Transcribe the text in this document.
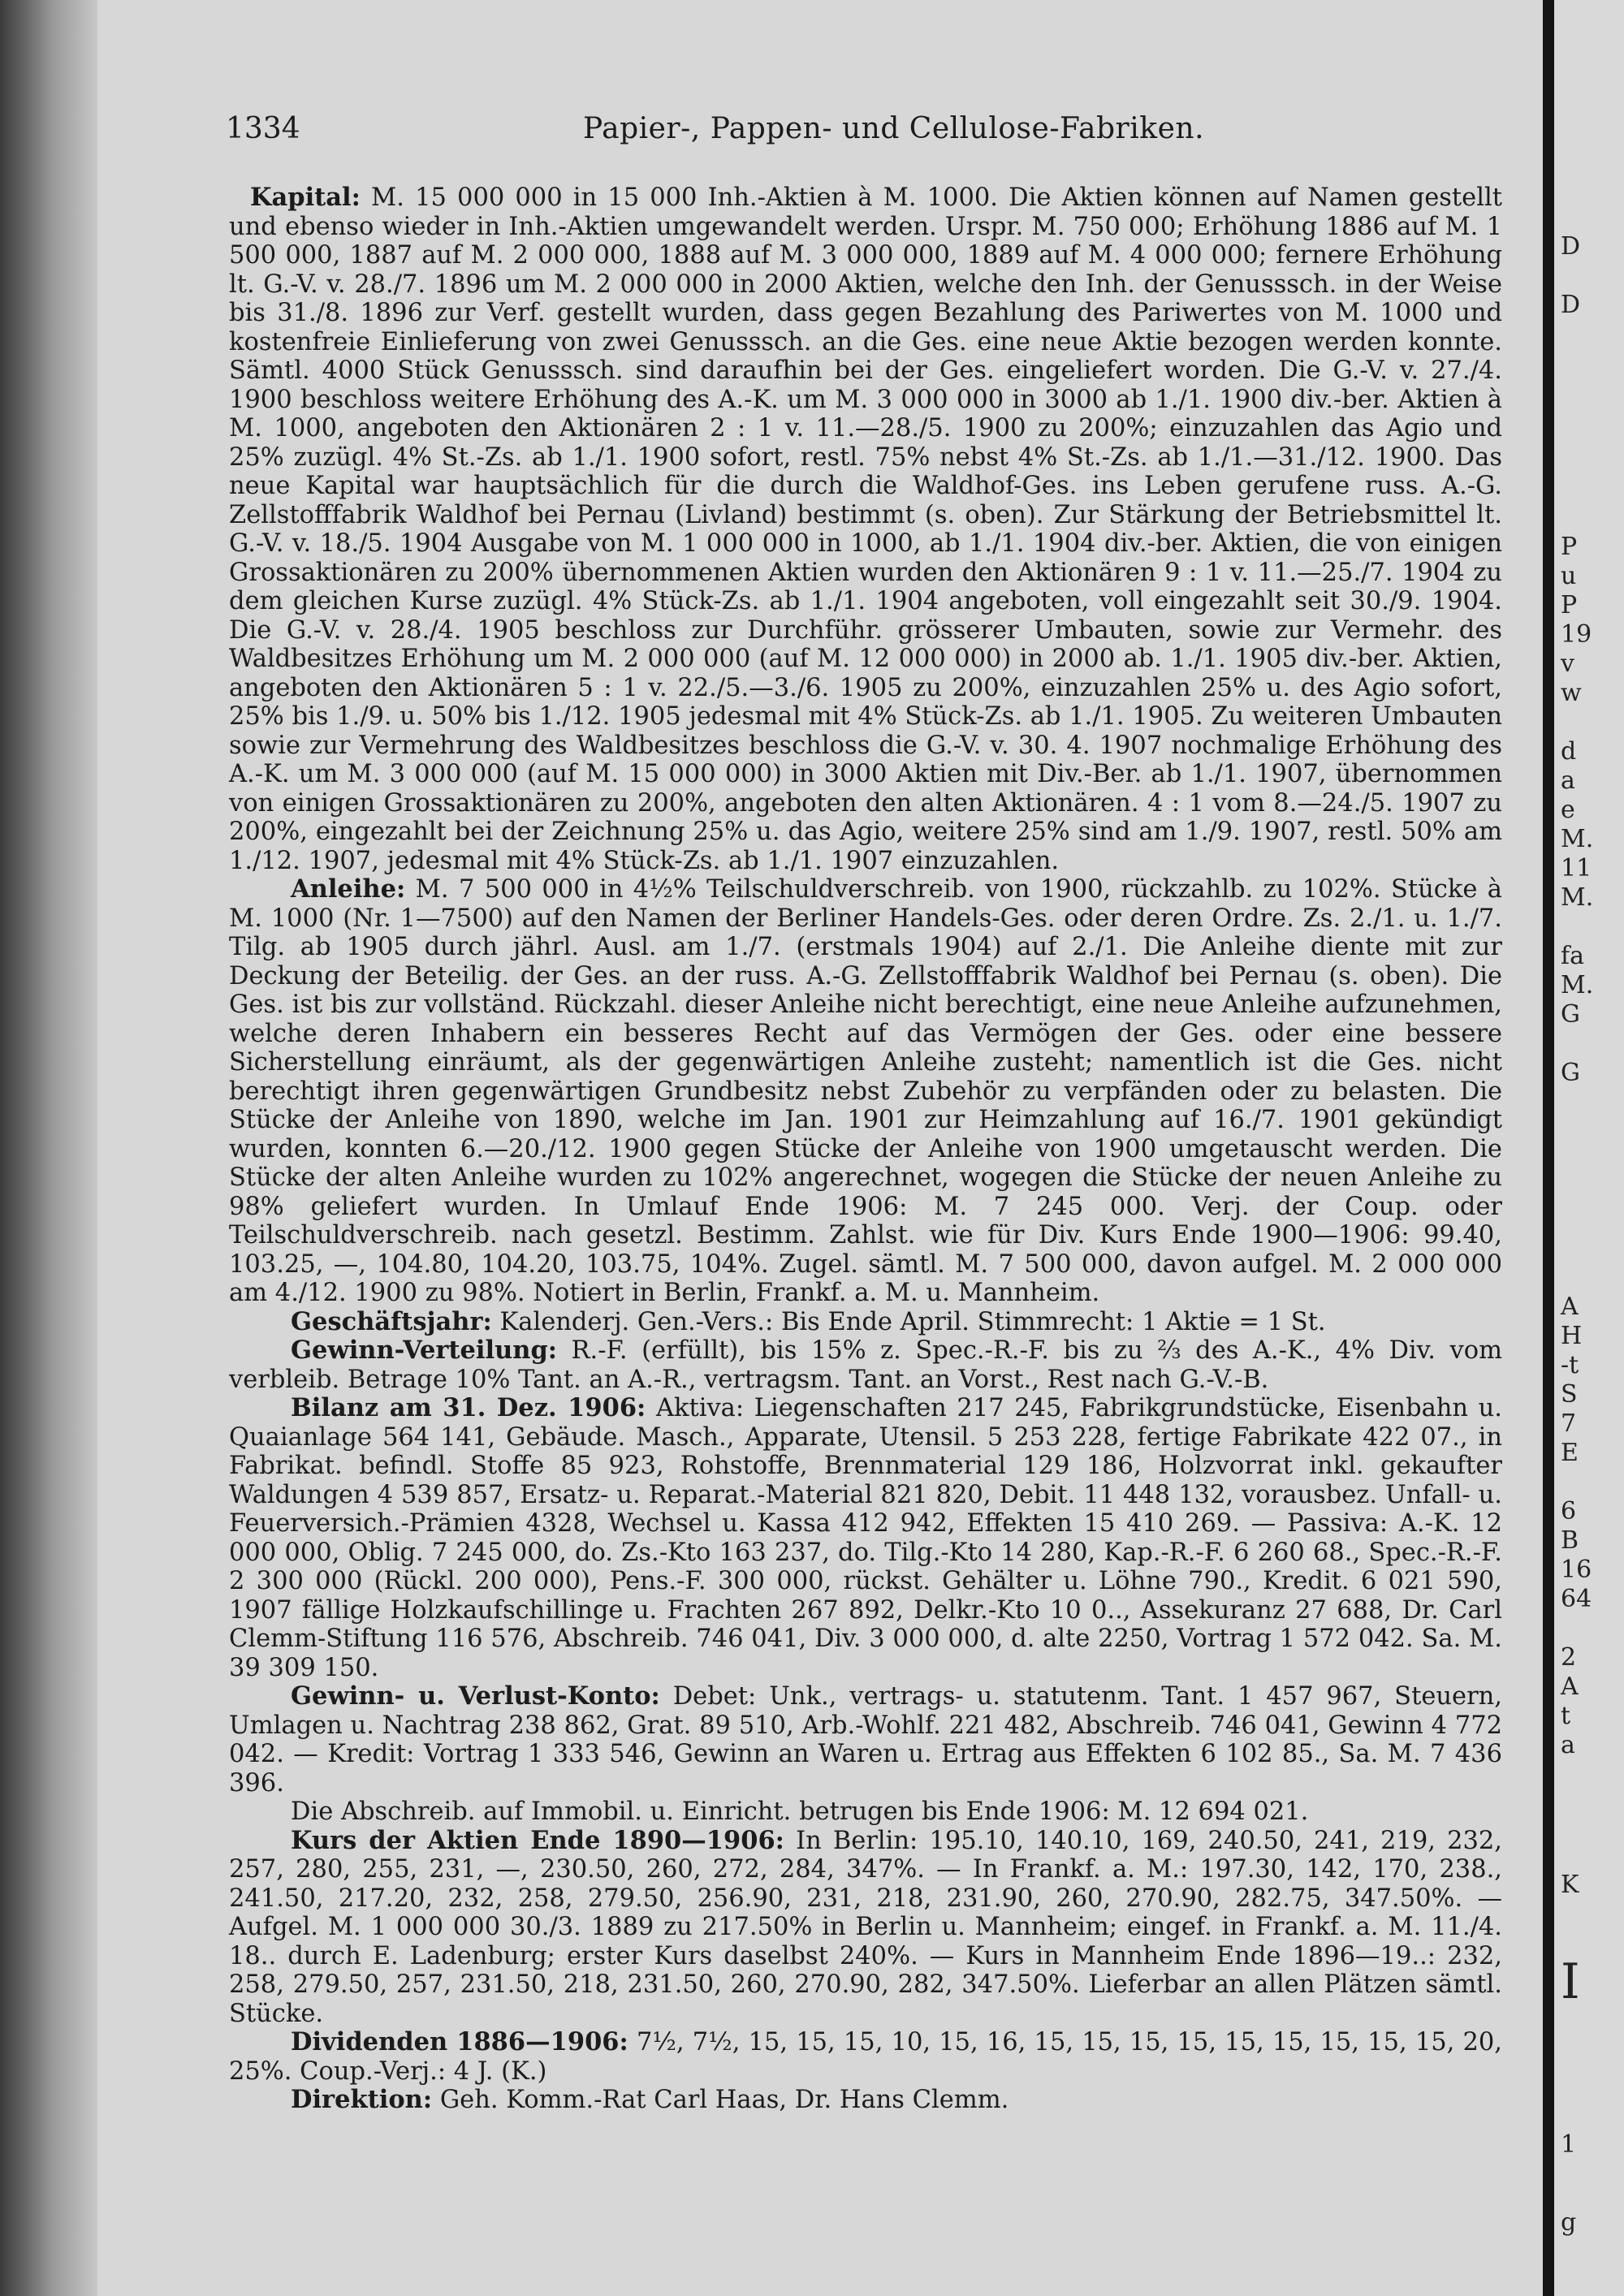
D
D
P
u
P
19
v
w
d
a
e
M.
11
M.
fa
M.
G
G
A
H
-t
S
7
E
6
B
16
64
2
A
t
a
K
I
1
g
1334	Papier-, Pappen- und Cellulose-Fabriken.

Kapital: M. 15 000 000 in 15 000 Inh.-Aktien à M. 1000. Die Aktien können auf Namen gestellt und ebenso wieder in Inh.-Aktien umgewandelt werden. Urspr. M. 750 000; Erhöhung 1886 auf M. 1 500 000, 1887 auf M. 2 000 000, 1888 auf M. 3 000 000, 1889 auf M. 4 000 000; fernere Erhöhung lt. G.-V. v. 28./7. 1896 um M. 2 000 000 in 2000 Aktien, welche den Inh. der Genusssch. in der Weise bis 31./8. 1896 zur Verf. gestellt wurden, dass gegen Bezahlung des Pariwertes von M. 1000 und kostenfreie Einlieferung von zwei Genusssch. an die Ges. eine neue Aktie bezogen werden konnte. Sämtl. 4000 Stück Genusssch. sind daraufhin bei der Ges. eingeliefert worden. Die G.-V. v. 27./4. 1900 beschloss weitere Erhöhung des A.-K. um M. 3 000 000 in 3000 ab 1./1. 1900 div.-ber. Aktien à M. 1000, angeboten den Aktionären 2 : 1 v. 11.—28./5. 1900 zu 200%; einzuzahlen das Agio und 25% zuzügl. 4% St.-Zs. ab 1./1. 1900 sofort, restl. 75% nebst 4% St.-Zs. ab 1./1.—31./12. 1900. Das neue Kapital war hauptsächlich für die durch die Waldhof-Ges. ins Leben gerufene russ. A.-G. Zellstofffabrik Waldhof bei Pernau (Livland) bestimmt (s. oben). Zur Stärkung der Betriebsmittel lt. G.-V. v. 18./5. 1904 Ausgabe von M. 1 000 000 in 1000, ab 1./1. 1904 div.-ber. Aktien, die von einigen Grossaktionären zu 200% übernommenen Aktien wurden den Aktionären 9 : 1 v. 11.—25./7. 1904 zu dem gleichen Kurse zuzügl. 4% Stück-Zs. ab 1./1. 1904 angeboten, voll eingezahlt seit 30./9. 1904. Die G.-V. v. 28./4. 1905 beschloss zur Durchführ. grösserer Umbauten, sowie zur Vermehr. des Waldbesitzes Erhöhung um M. 2 000 000 (auf M. 12 000 000) in 2000 ab. 1./1. 1905 div.-ber. Aktien, angeboten den Aktionären 5 : 1 v. 22./5.—3./6. 1905 zu 200%, einzuzahlen 25% u. des Agio sofort, 25% bis 1./9. u. 50% bis 1./12. 1905 jedesmal mit 4% Stück-Zs. ab 1./1. 1905. Zu weiteren Umbauten sowie zur Vermehrung des Waldbesitzes beschloss die G.-V. v. 30. 4. 1907 nochmalige Erhöhung des A.-K. um M. 3 000 000 (auf M. 15 000 000) in 3000 Aktien mit Div.-Ber. ab 1./1. 1907, übernommen von einigen Grossaktionären zu 200%, angeboten den alten Aktionären. 4 : 1 vom 8.—24./5. 1907 zu 200%, eingezahlt bei der Zeichnung 25% u. das Agio, weitere 25% sind am 1./9. 1907, restl. 50% am 1./12. 1907, jedesmal mit 4% Stück-Zs. ab 1./1. 1907 einzuzahlen.

Anleihe: M. 7 500 000 in 4½% Teilschuldverschreib. von 1900, rückzahlb. zu 102%. Stücke à M. 1000 (Nr. 1—7500) auf den Namen der Berliner Handels-Ges. oder deren Ordre. Zs. 2./1. u. 1./7. Tilg. ab 1905 durch jährl. Ausl. am 1./7. (erstmals 1904) auf 2./1. Die Anleihe diente mit zur Deckung der Beteilig. der Ges. an der russ. A.-G. Zellstofffabrik Waldhof bei Pernau (s. oben). Die Ges. ist bis zur vollständ. Rückzahl. dieser Anleihe nicht berechtigt, eine neue Anleihe aufzunehmen, welche deren Inhabern ein besseres Recht auf das Vermögen der Ges. oder eine bessere Sicherstellung einräumt, als der gegenwärtigen Anleihe zusteht; namentlich ist die Ges. nicht berechtigt ihren gegenwärtigen Grundbesitz nebst Zubehör zu verpfänden oder zu belasten. Die Stücke der Anleihe von 1890, welche im Jan. 1901 zur Heimzahlung auf 16./7. 1901 gekündigt wurden, konnten 6.—20./12. 1900 gegen Stücke der Anleihe von 1900 umgetauscht werden. Die Stücke der alten Anleihe wurden zu 102% angerechnet, wogegen die Stücke der neuen Anleihe zu 98% geliefert wurden. In Umlauf Ende 1906: M. 7 245 000. Verj. der Coup. oder Teilschuldverschreib. nach gesetzl. Bestimm. Zahlst. wie für Div. Kurs Ende 1900—1906: 99.40, 103.25, —, 104.80, 104.20, 103.75, 104%. Zugel. sämtl. M. 7 500 000, davon aufgel. M. 2 000 000 am 4./12. 1900 zu 98%. Notiert in Berlin, Frankf. a. M. u. Mannheim.

Geschäftsjahr: Kalenderj. Gen.-Vers.: Bis Ende April. Stimmrecht: 1 Aktie = 1 St.

Gewinn-Verteilung: R.-F. (erfüllt), bis 15% z. Spec.-R.-F. bis zu ⅔ des A.-K., 4% Div. vom verbleib. Betrage 10% Tant. an A.-R., vertragsm. Tant. an Vorst., Rest nach G.-V.-B.

Bilanz am 31. Dez. 1906: Aktiva: Liegenschaften 217 245, Fabrikgrundstücke, Eisenbahn u. Quaianlage 564 141, Gebäude. Masch., Apparate, Utensil. 5 253 228, fertige Fabrikate 422 07., in Fabrikat. befindl. Stoffe 85 923, Rohstoffe, Brennmaterial 129 186, Holzvorrat inkl. gekaufter Waldungen 4 539 857, Ersatz- u. Reparat.-Material 821 820, Debit. 11 448 132, vorausbez. Unfall- u. Feuerversich.-Prämien 4328, Wechsel u. Kassa 412 942, Effekten 15 410 269. — Passiva: A.-K. 12 000 000, Oblig. 7 245 000, do. Zs.-Kto 163 237, do. Tilg.-Kto 14 280, Kap.-R.-F. 6 260 68., Spec.-R.-F. 2 300 000 (Rückl. 200 000), Pens.-F. 300 000, rückst. Gehälter u. Löhne 790., Kredit. 6 021 590, 1907 fällige Holzkaufschillinge u. Frachten 267 892, Delkr.-Kto 10 0.., Assekuranz 27 688, Dr. Carl Clemm-Stiftung 116 576, Abschreib. 746 041, Div. 3 000 000, d. alte 2250, Vortrag 1 572 042. Sa. M. 39 309 150.

Gewinn- u. Verlust-Konto: Debet: Unk., vertrags- u. statutenm. Tant. 1 457 967, Steuern, Umlagen u. Nachtrag 238 862, Grat. 89 510, Arb.-Wohlf. 221 482, Abschreib. 746 041, Gewinn 4 772 042. — Kredit: Vortrag 1 333 546, Gewinn an Waren u. Ertrag aus Effekten 6 102 85., Sa. M. 7 436 396.

Die Abschreib. auf Immobil. u. Einricht. betrugen bis Ende 1906: M. 12 694 021.

Kurs der Aktien Ende 1890—1906: In Berlin: 195.10, 140.10, 169, 240.50, 241, 219, 232, 257, 280, 255, 231, —, 230.50, 260, 272, 284, 347%. — In Frankf. a. M.: 197.30, 142, 170, 238., 241.50, 217.20, 232, 258, 279.50, 256.90, 231, 218, 231.90, 260, 270.90, 282.75, 347.50%. — Aufgel. M. 1 000 000 30./3. 1889 zu 217.50% in Berlin u. Mannheim; eingef. in Frankf. a. M. 11./4. 18.. durch E. Ladenburg; erster Kurs daselbst 240%. — Kurs in Mannheim Ende 1896—19..: 232, 258, 279.50, 257, 231.50, 218, 231.50, 260, 270.90, 282, 347.50%. Lieferbar an allen Plätzen sämtl. Stücke.

Dividenden 1886—1906: 7½, 7½, 15, 15, 15, 10, 15, 16, 15, 15, 15, 15, 15, 15, 15, 15, 15, 20, 25%. Coup.-Verj.: 4 J. (K.)

Direktion: Geh. Komm.-Rat Carl Haas, Dr. Hans Clemm.
